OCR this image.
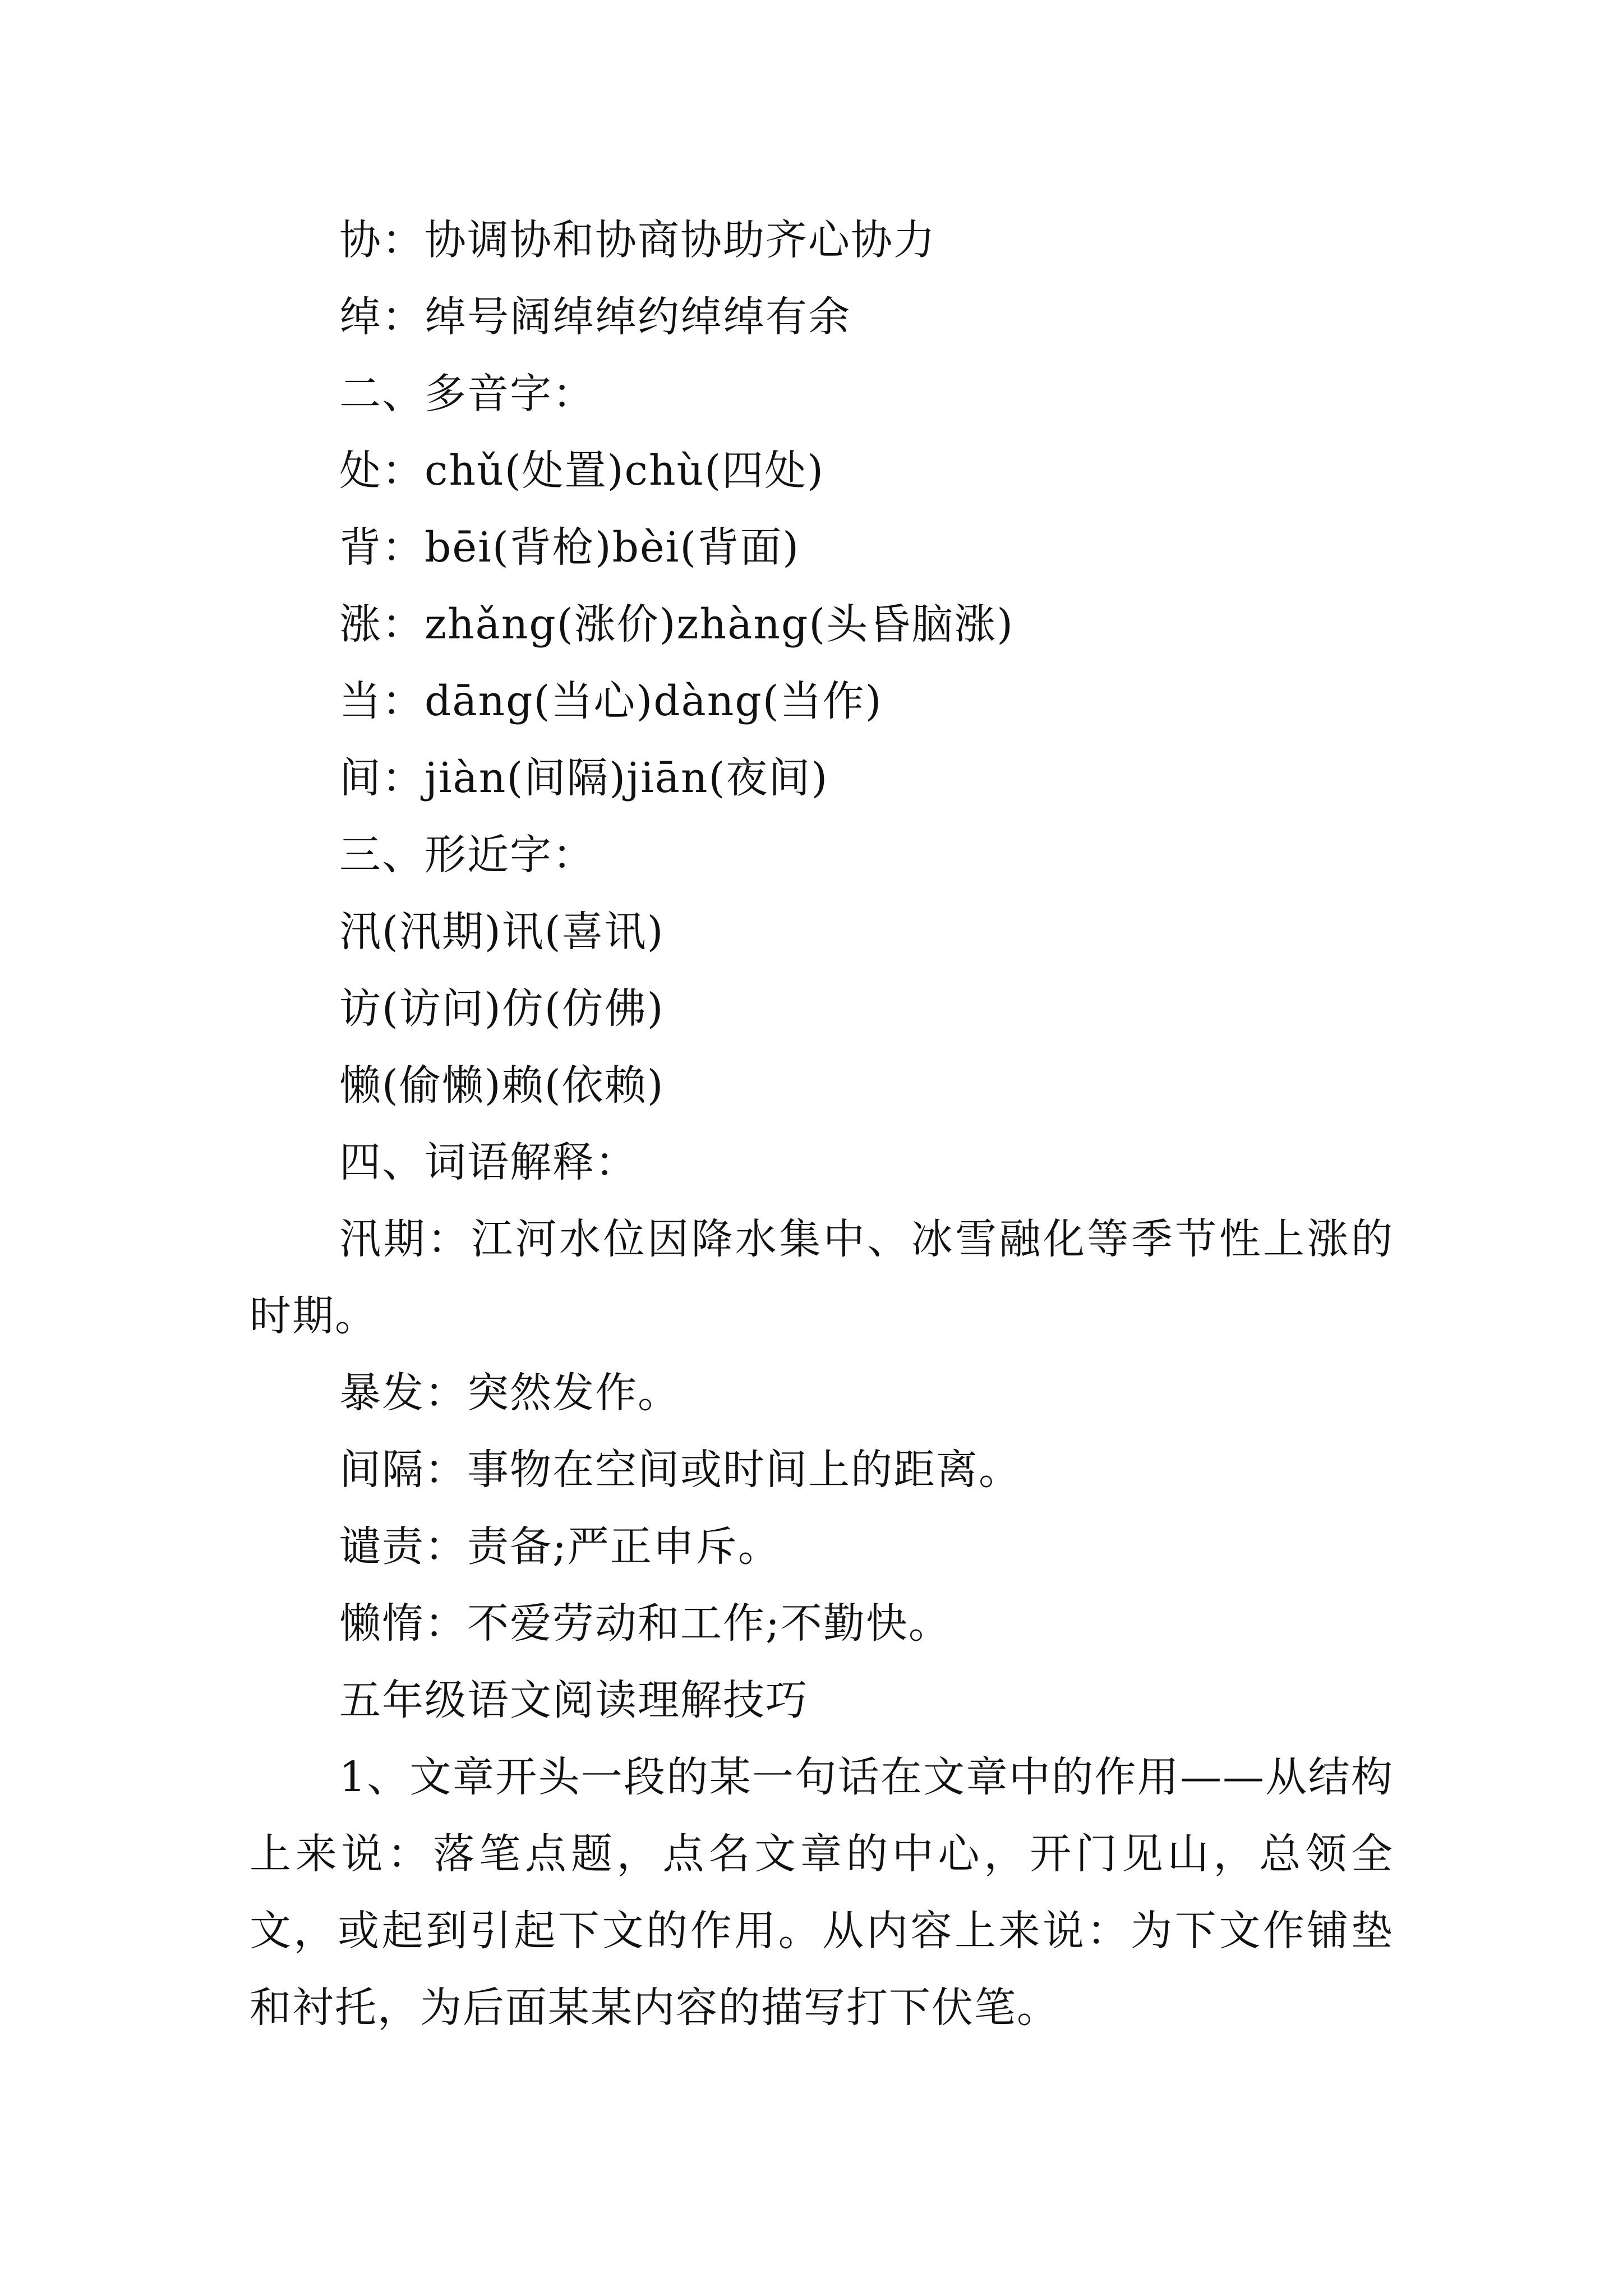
协：协调协和协商协助齐心协力
绰：绰号阔绰绰约绰绰有余
二、多音字：
处：chǔ(处置)chù(四处)
背：bēi(背枪)bèi(背面)
涨：zhǎng(涨价)zhàng(头昏脑涨)
当：dāng(当心)dàng(当作)
间：jiàn(间隔)jiān(夜间)
三、形近字：
汛(汛期)讯(喜讯)
访(访问)仿(仿佛)
懒(偷懒)赖(依赖)
四、词语解释：
汛期：江河水位因降水集中、冰雪融化等季节性上涨的时期。
暴发：突然发作。
间隔：事物在空间或时间上的距离。
谴责：责备;严正申斥。
懒惰：不爱劳动和工作;不勤快。
五年级语文阅读理解技巧
1、文章开头一段的某一句话在文章中的作用——从结构上来说：落笔点题，点名文章的中心，开门见山，总领全文，或起到引起下文的作用。从内容上来说：为下文作铺垫和衬托，为后面某某内容的描写打下伏笔。
